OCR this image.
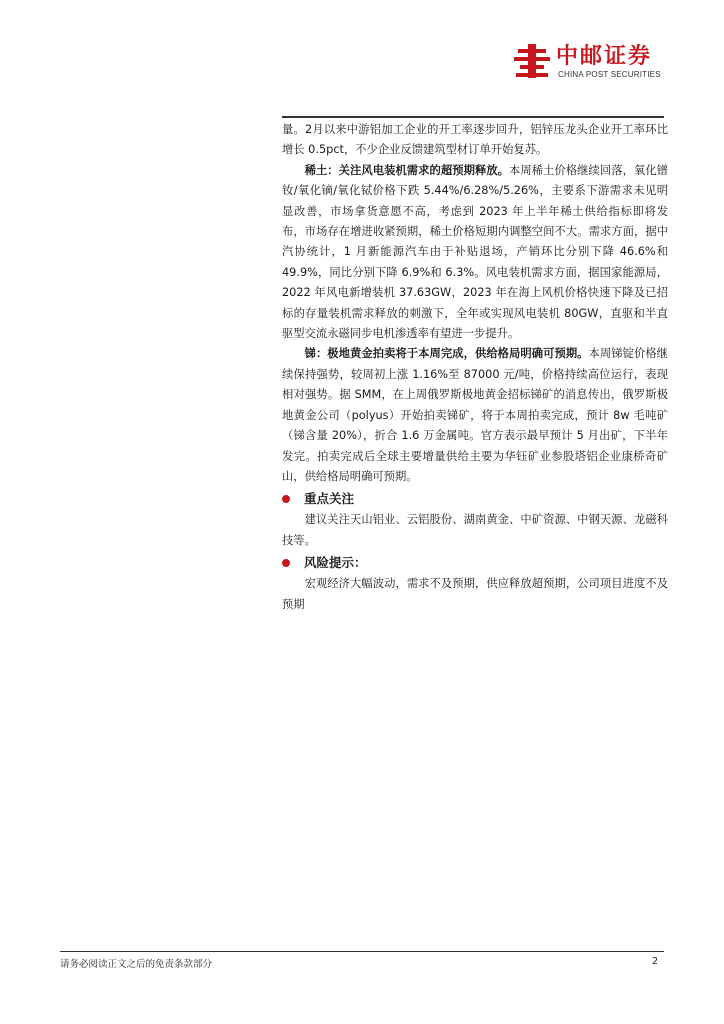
中邮证券
CHINA POST SECURITIES

量。2月以来中游铝加工企业的开工率逐步回升，铝锌压龙头企业开工率环比增长 0.5pct，不少企业反馈建筑型材订单开始复苏。

稀土：关注风电装机需求的超预期释放。本周稀土价格继续回落，氧化镨钕/氧化镝/氧化铽价格下跌 5.44%/6.28%/5.26%，主要系下游需求未见明显改善，市场拿货意愿不高，考虑到 2023 年上半年稀土供给指标即将发布，市场存在增进收紧预期，稀土价格短期内调整空间不大。需求方面，据中汽协统计，1 月新能源汽车由于补贴退场，产销环比分别下降 46.6%和 49.9%，同比分别下降 6.9%和 6.3%。风电装机需求方面，据国家能源局，2022 年风电新增装机 37.63GW，2023 年在海上风机价格快速下降及已招标的存量装机需求释放的刺激下，全年或实现风电装机 80GW，直驱和半直驱型交流永磁同步电机渗透率有望进一步提升。

锑：极地黄金拍卖将于本周完成，供给格局明确可预期。本周锑锭价格继续保持强势，较周初上涨 1.16%至 87000 元/吨，价格持续高位运行，表现相对强势。据 SMM，在上周俄罗斯极地黄金招标锑矿的消息传出，俄罗斯极地黄金公司（polyus）开始拍卖锑矿，将于本周拍卖完成，预计 8w 毛吨矿（锑含量 20%），折合 1.6 万金属吨。官方表示最早预计 5 月出矿，下半年发完。拍卖完成后全球主要增量供给主要为华钰矿业参股塔铝企业康桥奇矿山，供给格局明确可预期。

重点关注

建议关注天山铝业、云铝股份、湖南黄金、中矿资源、中钢天源、龙磁科技等。

风险提示：

宏观经济大幅波动，需求不及预期，供应释放超预期，公司项目进度不及预期

请务必阅读正文之后的免责条款部分	2
